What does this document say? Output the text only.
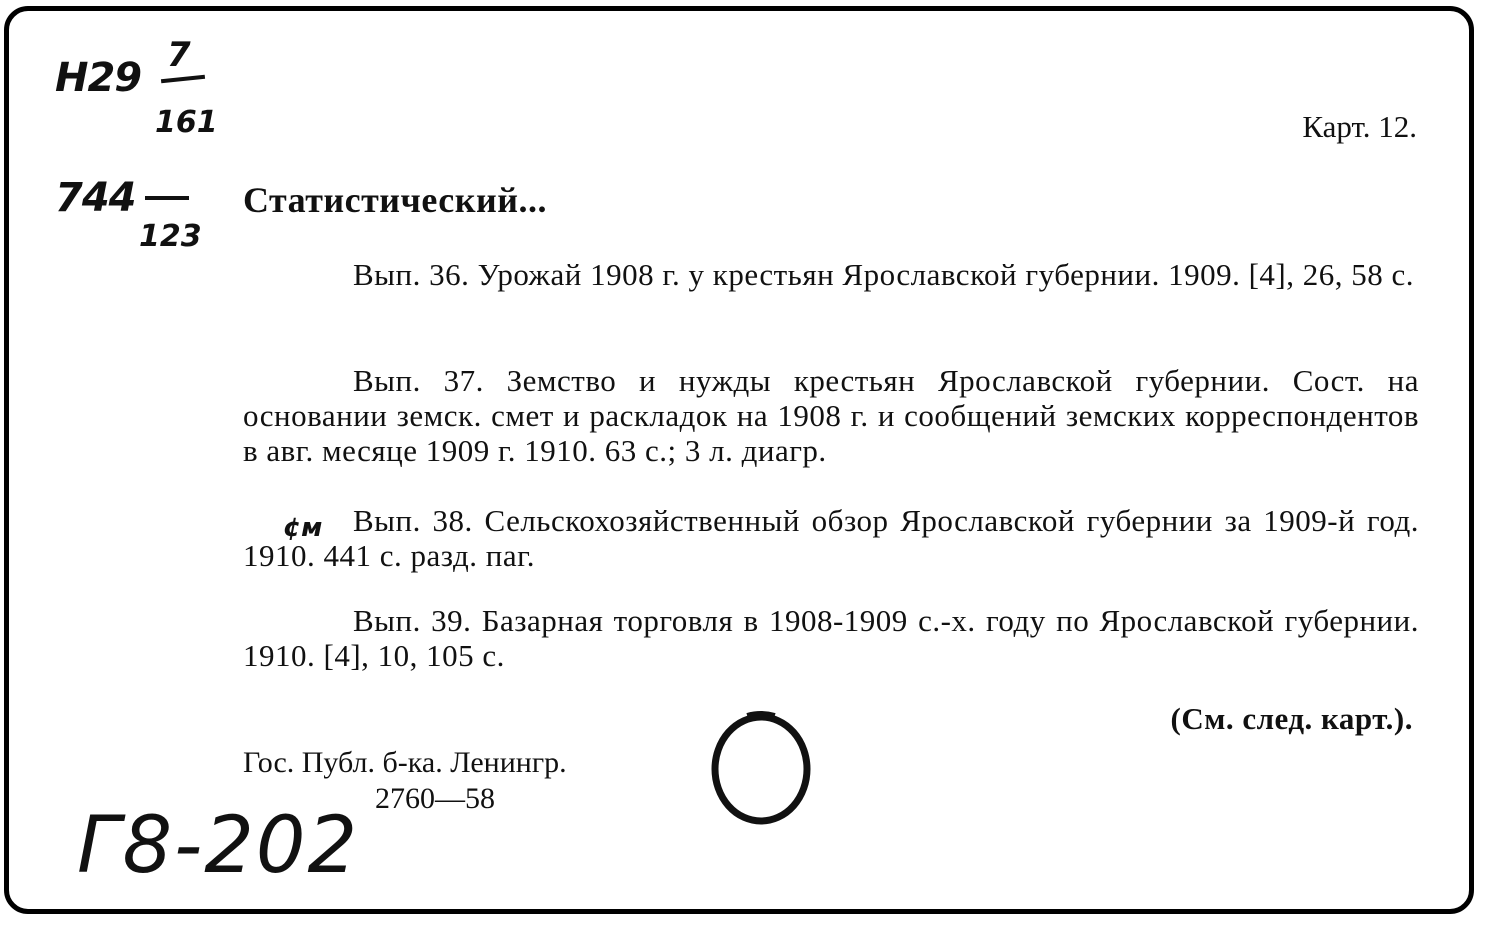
Н29 7
161
744
123
Карт. 12.
Статистический...
Вып. 36. Урожай 1908 г. у крестьян Ярославской губернии. 1909. [4], 26, 58 с.
Вып. 37. Земство и нужды крестьян Ярославской губернии. Сост. на основании земск. смет и раскладок на 1908 г. и сообщений земских корреспондентов в авг. месяце 1909 г. 1910. 63 с.; 3 л. диагр.
¢м Вып. 38. Сельскохозяйственный обзор Ярославской губернии за 1909-й год. 1910. 441 с. разд. паг.
Вып. 39. Базарная торговля в 1908-1909 с.-х. году по Ярославской губернии. 1910. [4], 10, 105 с.
(См. след. карт.).
Гос. Публ. б-ка. Ленингр.
2760—58
Г8-202
